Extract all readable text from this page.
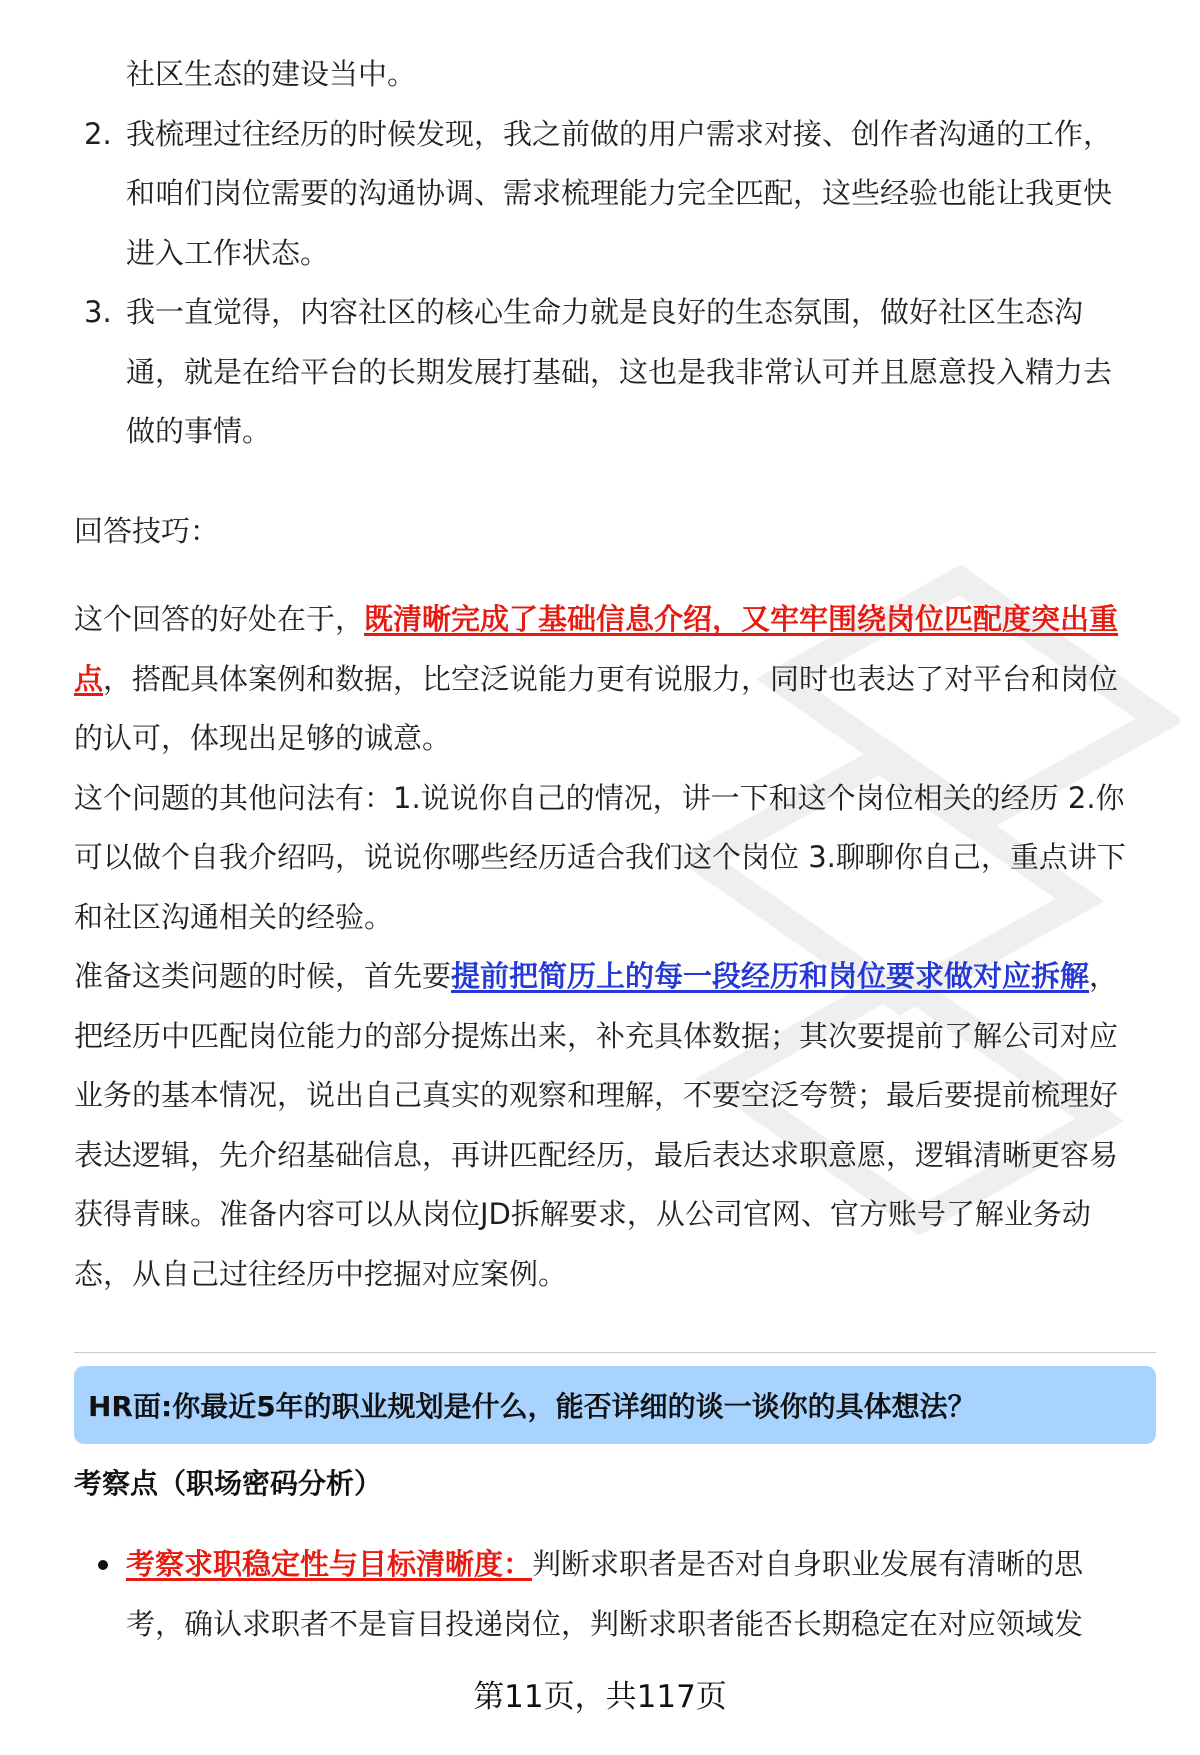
社区生态的建设当中。

2. 我梳理过往经历的时候发现，我之前做的用户需求对接、创作者沟通的工作，

和咱们岗位需要的沟通协调、需求梳理能力完全匹配，这些经验也能让我更快

进入工作状态。

3. 我一直觉得，内容社区的核心生命力就是良好的生态氛围，做好社区生态沟

通，就是在给平台的长期发展打基础，这也是我非常认可并且愿意投入精力去

做的事情。

回答技巧：

这个回答的好处在于，既清晰完成了基础信息介绍，又牢牢围绕岗位匹配度突出重

点，搭配具体案例和数据，比空泛说能力更有说服力，同时也表达了对平台和岗位

的认可，体现出足够的诚意。

这个问题的其他问法有：1.说说你自己的情况，讲一下和这个岗位相关的经历 2.你

可以做个自我介绍吗，说说你哪些经历适合我们这个岗位 3.聊聊你自己，重点讲下

和社区沟通相关的经验。

准备这类问题的时候，首先要提前把简历上的每一段经历和岗位要求做对应拆解，

把经历中匹配岗位能力的部分提炼出来，补充具体数据；其次要提前了解公司对应

业务的基本情况，说出自己真实的观察和理解，不要空泛夸赞；最后要提前梳理好

表达逻辑，先介绍基础信息，再讲匹配经历，最后表达求职意愿，逻辑清晰更容易

获得青睐。准备内容可以从岗位JD拆解要求，从公司官网、官方账号了解业务动

态，从自己过往经历中挖掘对应案例。

HR面:你最近5年的职业规划是什么，能否详细的谈一谈你的具体想法？
考察点（职场密码分析）

考察求职稳定性与目标清晰度：判断求职者是否对自身职业发展有清晰的思

考，确认求职者不是盲目投递岗位，判断求职者能否长期稳定在对应领域发

第11页，共117页
